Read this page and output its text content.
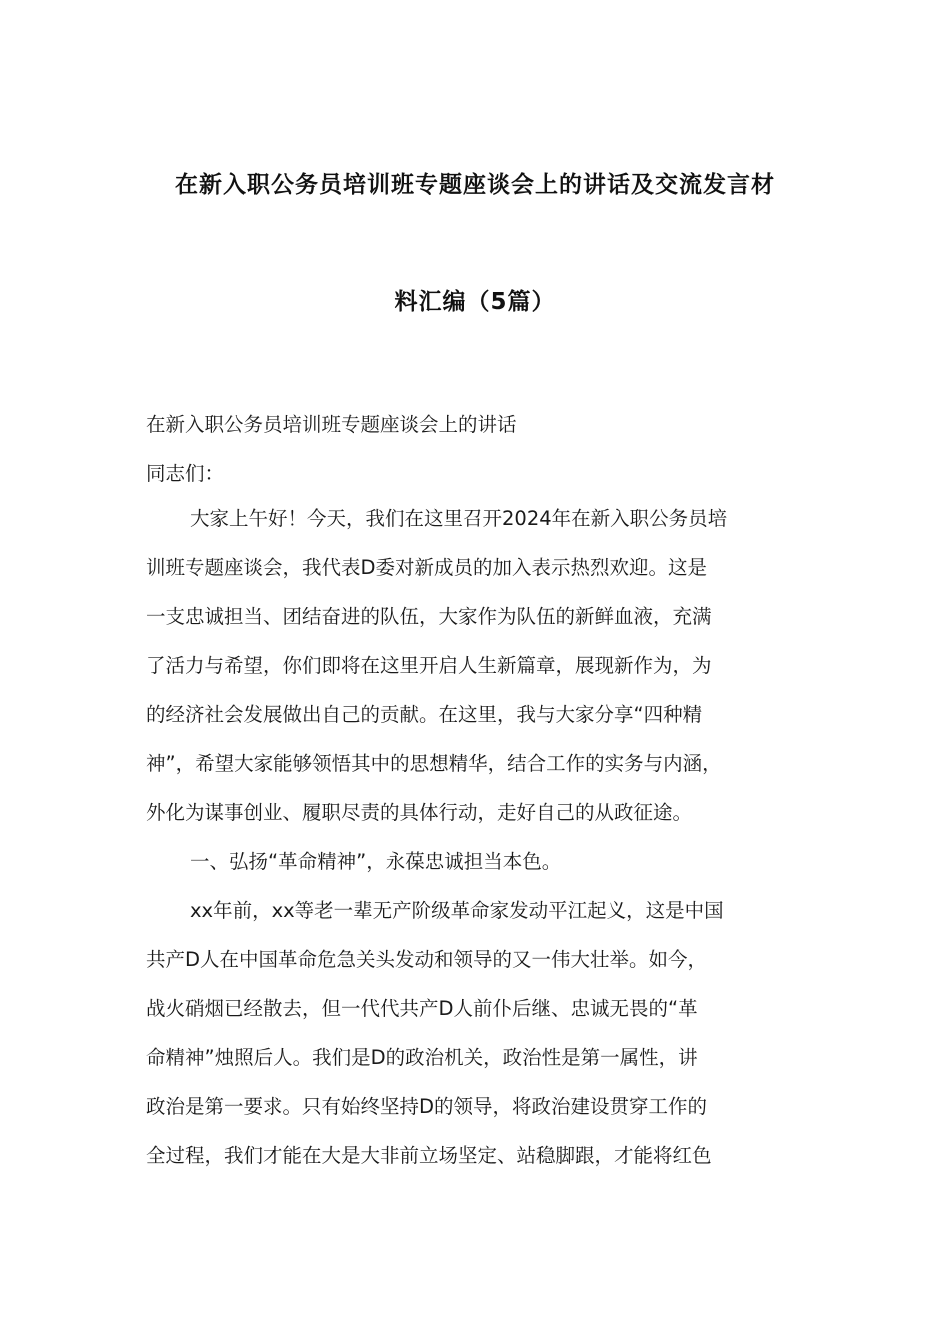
在新入职公务员培训班专题座谈会上的讲话及交流发言材
料汇编（5篇）
在新入职公务员培训班专题座谈会上的讲话
同志们：
大家上午好！今天，我们在这里召开2024年在新入职公务员培
训班专题座谈会，我代表D委对新成员的加入表示热烈欢迎。这是
一支忠诚担当、团结奋进的队伍，大家作为队伍的新鲜血液，充满
了活力与希望，你们即将在这里开启人生新篇章，展现新作为，为
的经济社会发展做出自己的贡献。在这里，我与大家分享“四种精
神”，希望大家能够领悟其中的思想精华，结合工作的实务与内涵，
外化为谋事创业、履职尽责的具体行动，走好自己的从政征途。
一、弘扬“革命精神”，永葆忠诚担当本色。
xx年前，xx等老一辈无产阶级革命家发动平江起义，这是中国
共产D人在中国革命危急关头发动和领导的又一伟大壮举。如今，
战火硝烟已经散去，但一代代共产D人前仆后继、忠诚无畏的“革
命精神”烛照后人。我们是D的政治机关，政治性是第一属性，讲
政治是第一要求。只有始终坚持D的领导，将政治建设贯穿工作的
全过程，我们才能在大是大非前立场坚定、站稳脚跟，才能将红色
